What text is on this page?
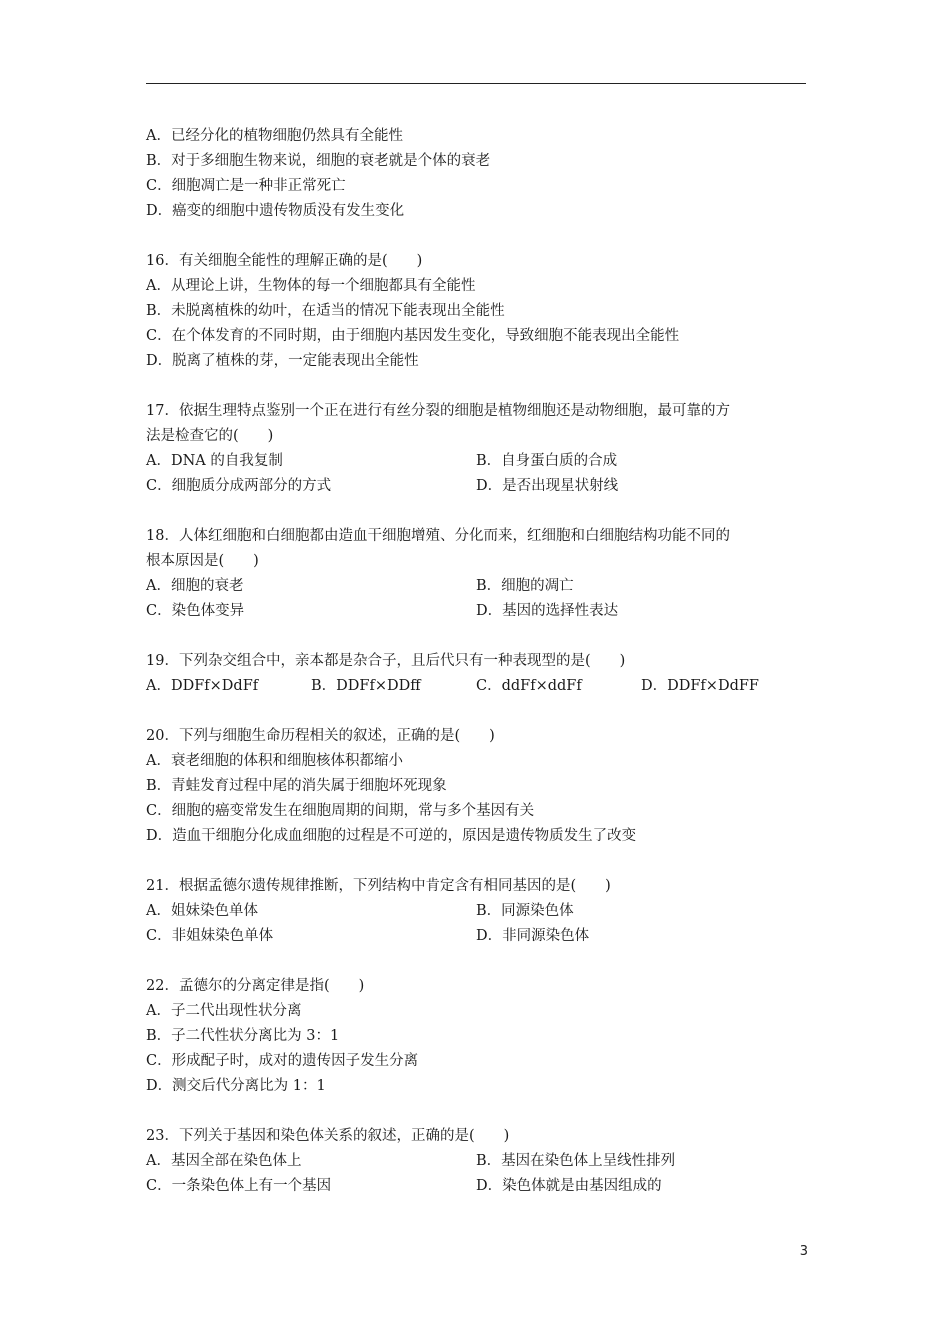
A．已经分化的植物细胞仍然具有全能性
B．对于多细胞生物来说，细胞的衰老就是个体的衰老
C．细胞凋亡是一种非正常死亡
D．癌变的细胞中遗传物质没有发生变化
16．有关细胞全能性的理解正确的是(　　)
A．从理论上讲，生物体的每一个细胞都具有全能性
B．未脱离植株的幼叶，在适当的情况下能表现出全能性
C．在个体发育的不同时期，由于细胞内基因发生变化，导致细胞不能表现出全能性
D．脱离了植株的芽，一定能表现出全能性
17．依据生理特点鉴别一个正在进行有丝分裂的细胞是植物细胞还是动物细胞，最可靠的方
法是检查它的(　　)
A．DNA 的自我复制	B．自身蛋白质的合成
C．细胞质分成两部分的方式	D．是否出现星状射线
18．人体红细胞和白细胞都由造血干细胞增殖、分化而来，红细胞和白细胞结构功能不同的
根本原因是(　　)
A．细胞的衰老	B．细胞的凋亡
C．染色体变异	D．基因的选择性表达
19．下列杂交组合中，亲本都是杂合子，且后代只有一种表现型的是(　　)
A．DDFf×DdFf	B．DDFf×DDff	C．ddFf×ddFf	D．DDFf×DdFF
20．下列与细胞生命历程相关的叙述，正确的是(　　)
A．衰老细胞的体积和细胞核体积都缩小
B．青蛙发育过程中尾的消失属于细胞坏死现象
C．细胞的癌变常发生在细胞周期的间期，常与多个基因有关
D．造血干细胞分化成血细胞的过程是不可逆的，原因是遗传物质发生了改变
21．根据孟德尔遗传规律推断，下列结构中肯定含有相同基因的是(　　)
A．姐妹染色单体	B．同源染色体
C．非姐妹染色单体	D．非同源染色体
22．孟德尔的分离定律是指(　　)
A．子二代出现性状分离
B．子二代性状分离比为 3：1
C．形成配子时，成对的遗传因子发生分离
D．测交后代分离比为 1：1
23．下列关于基因和染色体关系的叙述，正确的是(　　)
A．基因全部在染色体上	B．基因在染色体上呈线性排列
C．一条染色体上有一个基因	D．染色体就是由基因组成的
3
